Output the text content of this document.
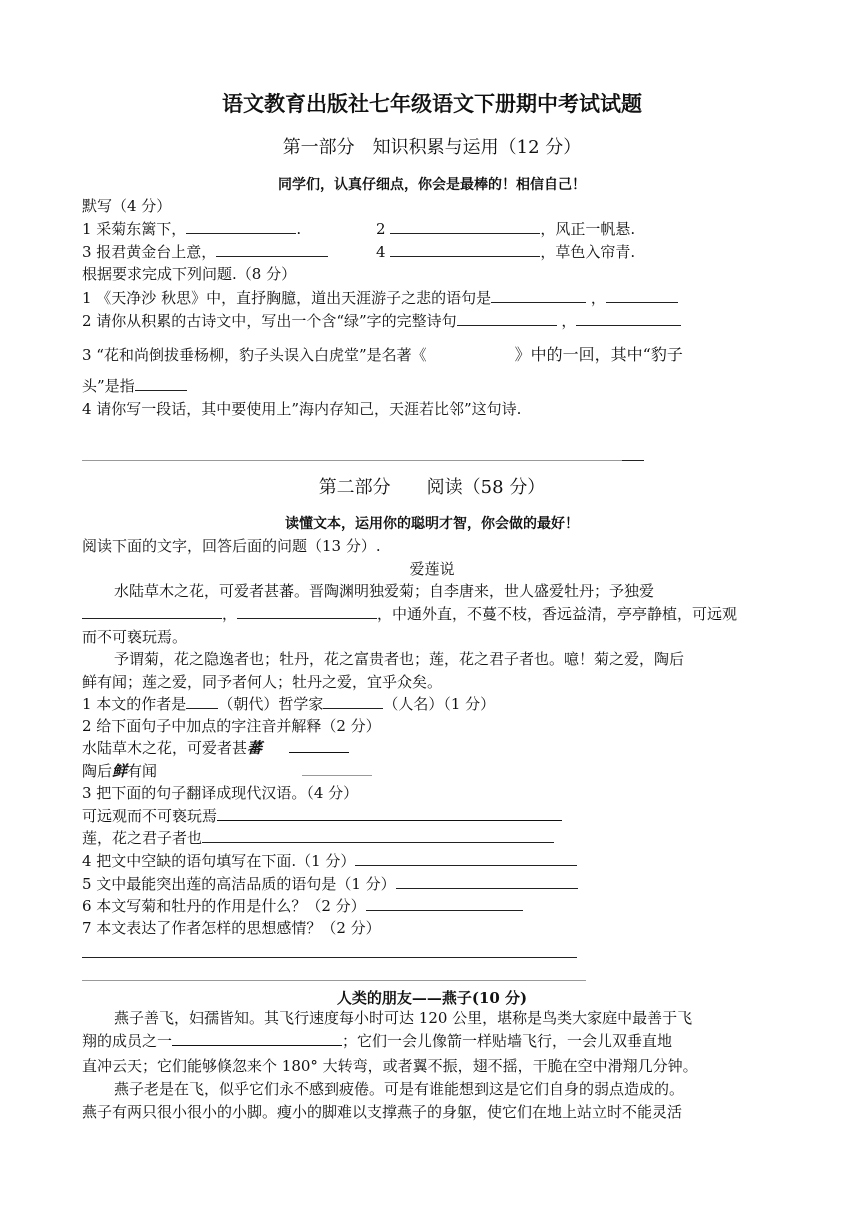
语文教育出版社七年级语文下册期中考试试题
第一部分　知识积累与运用（12 分）
同学们，认真仔细点，你会是最棒的！相信自己！
默写（4 分）
1 采菊东篱下，	.	2	，风正一帆悬.
3 报君黄金台上意，	4	，草色入帘青.
根据要求完成下列问题.（8 分）
1 《天净沙 秋思》中，直抒胸臆，道出天涯游子之悲的语句是	，
2 请你从积累的古诗文中，写出一个含“绿”字的完整诗句	，
3 “花和尚倒拔垂杨柳，豹子头误入白虎堂”是名著《	》中的一回，其中“豹子
头”是指
4 请你写一段话，其中要使用上”海内存知己，天涯若比邻”这句诗.
第二部分　　阅读（58 分）
读懂文本，运用你的聪明才智，你会做的最好！
阅读下面的文字，回答后面的问题（13 分）.
爱莲说
水陆草木之花，可爱者甚蕃。晋陶渊明独爱菊；自李唐来，世人盛爱牡丹；予独爱
，	，中通外直，不蔓不枝，香远益清，亭亭静植，可远观
而不可亵玩焉。
予谓菊，花之隐逸者也；牡丹，花之富贵者也；莲，花之君子者也。噫！菊之爱，陶后
鲜有闻；莲之爱，同予者何人；牡丹之爱，宜乎众矣。
1 本文的作者是 （朝代）哲学家	（人名）（1 分）
2 给下面句子中加点的字注音并解释（2 分）
水陆草木之花，可爱者甚蕃
陶后鲜有闻
3 把下面的句子翻译成现代汉语。（4 分）
可远观而不可亵玩焉
莲，花之君子者也
4 把文中空缺的语句填写在下面.（1 分）
5 文中最能突出莲的高洁品质的语句是（1 分）
6 本文写菊和牡丹的作用是什么？（2 分）
7 本文表达了作者怎样的思想感情？（2 分）
人类的朋友——燕子(10 分)
燕子善飞，妇孺皆知。其飞行速度每小时可达 120 公里，堪称是鸟类大家庭中最善于飞
翔的成员之一	；它们一会儿像箭一样贴墙飞行，一会儿双垂直地
直冲云天；它们能够倏忽来个 180° 大转弯，或者翼不振，翅不摇，干脆在空中滑翔几分钟。
燕子老是在飞，似乎它们永不感到疲倦。可是有谁能想到这是它们自身的弱点造成的。
燕子有两只很小很小的小脚。瘦小的脚难以支撑燕子的身躯，使它们在地上站立时不能灵活
